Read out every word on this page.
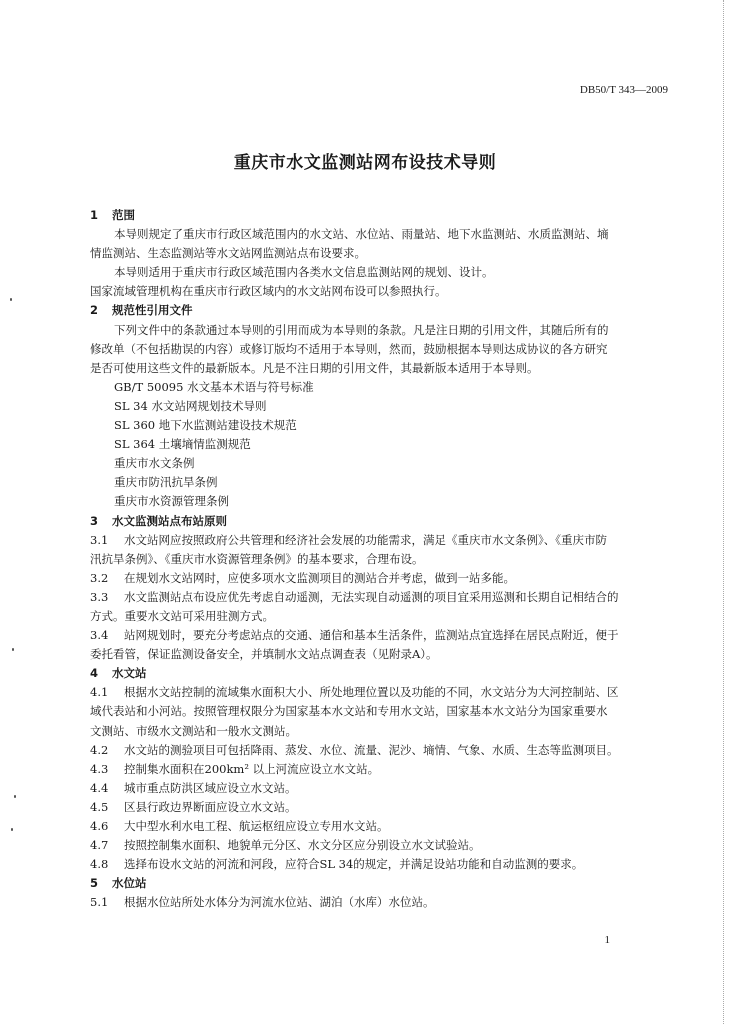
DB50/T 343—2009
重庆市水文监测站网布设技术导则
1 范围
本导则规定了重庆市行政区域范围内的水文站、水位站、雨量站、地下水监测站、水质监测站、墒
情监测站、生态监测站等水文站网监测站点布设要求。
本导则适用于重庆市行政区域范围内各类水文信息监测站网的规划、设计。
国家流域管理机构在重庆市行政区域内的水文站网布设可以参照执行。
2 规范性引用文件
下列文件中的条款通过本导则的引用而成为本导则的条款。凡是注日期的引用文件，其随后所有的
修改单（不包括勘误的内容）或修订版均不适用于本导则，然而，鼓励根据本导则达成协议的各方研究
是否可使用这些文件的最新版本。凡是不注日期的引用文件，其最新版本适用于本导则。
GB/T 50095 水文基本术语与符号标准
SL 34 水文站网规划技术导则
SL 360 地下水监测站建设技术规范
SL 364 土壤墒情监测规范
重庆市水文条例
重庆市防汛抗旱条例
重庆市水资源管理条例
3 水文监测站点布站原则
3.1 水文站网应按照政府公共管理和经济社会发展的功能需求，满足《重庆市水文条例》、《重庆市防
汛抗旱条例》、《重庆市水资源管理条例》的基本要求，合理布设。
3.2 在规划水文站网时，应使多项水文监测项目的测站合并考虑，做到一站多能。
3.3 水文监测站点布设应优先考虑自动遥测，无法实现自动遥测的项目宜采用巡测和长期自记相结合的
方式。重要水文站可采用驻测方式。
3.4 站网规划时，要充分考虑站点的交通、通信和基本生活条件，监测站点宜选择在居民点附近，便于
委托看管，保证监测设备安全，并填制水文站点调查表（见附录A）。
4 水文站
4.1 根据水文站控制的流域集水面积大小、所处地理位置以及功能的不同，水文站分为大河控制站、区
域代表站和小河站。按照管理权限分为国家基本水文站和专用水文站，国家基本水文站分为国家重要水
文测站、市级水文测站和一般水文测站。
4.2 水文站的测验项目可包括降雨、蒸发、水位、流量、泥沙、墒情、气象、水质、生态等监测项目。
4.3 控制集水面积在200km² 以上河流应设立水文站。
4.4 城市重点防洪区域应设立水文站。
4.5 区县行政边界断面应设立水文站。
4.6 大中型水利水电工程、航运枢纽应设立专用水文站。
4.7 按照控制集水面积、地貌单元分区、水文分区应分别设立水文试验站。
4.8 选择布设水文站的河流和河段，应符合SL 34的规定，并满足设站功能和自动监测的要求。
5 水位站
5.1 根据水位站所处水体分为河流水位站、湖泊（水库）水位站。
1
